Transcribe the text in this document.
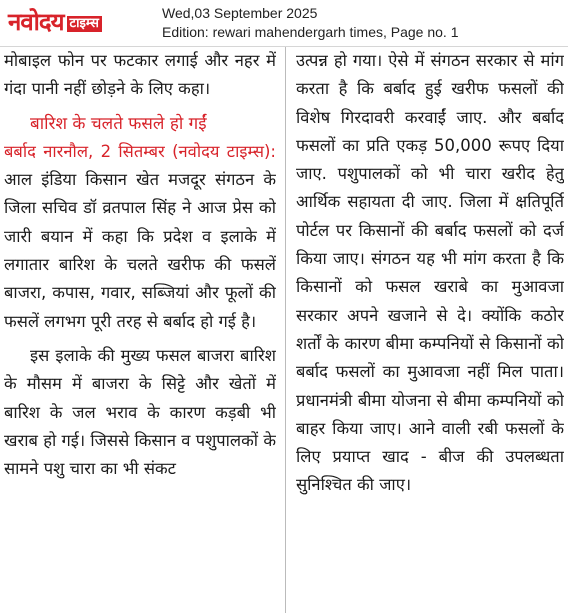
नवोदय टाइम्स
Wed,03 September 2025
Edition: rewari mahendergarh times, Page no. 1

मोबाइल फोन पर फटकार लगाई और नहर में गंदा पानी नहीं छोड़ने के लिए कहा।

बारिश के चलते फसले हो गईं

बर्बाद नारनौल, 2 सितम्बर (नवोदय टाइम्स): आल इंडिया किसान खेत मजदूर संगठन के जिला सचिव डॉ व्रतपाल सिंह ने आज प्रेस को जारी बयान में कहा कि प्रदेश व इलाके में लगातार बारिश के चलते खरीफ की फसलें बाजरा, कपास, गवार, सब्जियां और फूलों की फसलें लगभग पूरी तरह से बर्बाद हो गई है।

इस इलाके की मुख्य फसल बाजरा बारिश के मौसम में बाजरा के सिट्टे और खेतों में बारिश के जल भराव के कारण कड़बी भी खराब हो गई। जिससे किसान व पशुपालकों के सामने पशु चारा का भी संकट

उत्पन्न हो गया। ऐसे में संगठन सरकार से मांग करता है कि बर्बाद हुई खरीफ फसलों की विशेष गिरदावरी करवाईं जाए. और बर्बाद फसलों का प्रति एकड़ 50,000 रूपए दिया जाए. पशुपालकों को भी चारा खरीद हेतु आर्थिक सहायता दी जाए. जिला में क्षतिपूर्ति पोर्टल पर किसानों की बर्बाद फसलों को दर्ज किया जाए। संगठन यह भी मांग करता है कि किसानों को फसल खराबे का मुआवजा सरकार अपने खजाने से दे। क्योंकि कठोर शर्तों के कारण बीमा कम्पनियों से किसानों को बर्बाद फसलों का मुआवजा नहीं मिल पाता। प्रधानमंत्री बीमा योजना से बीमा कम्पनियों को बाहर किया जाए। आने वाली रबी फसलों के लिए प्रयाप्त खाद - बीज की उपलब्धता सुनिश्चित की जाए।
